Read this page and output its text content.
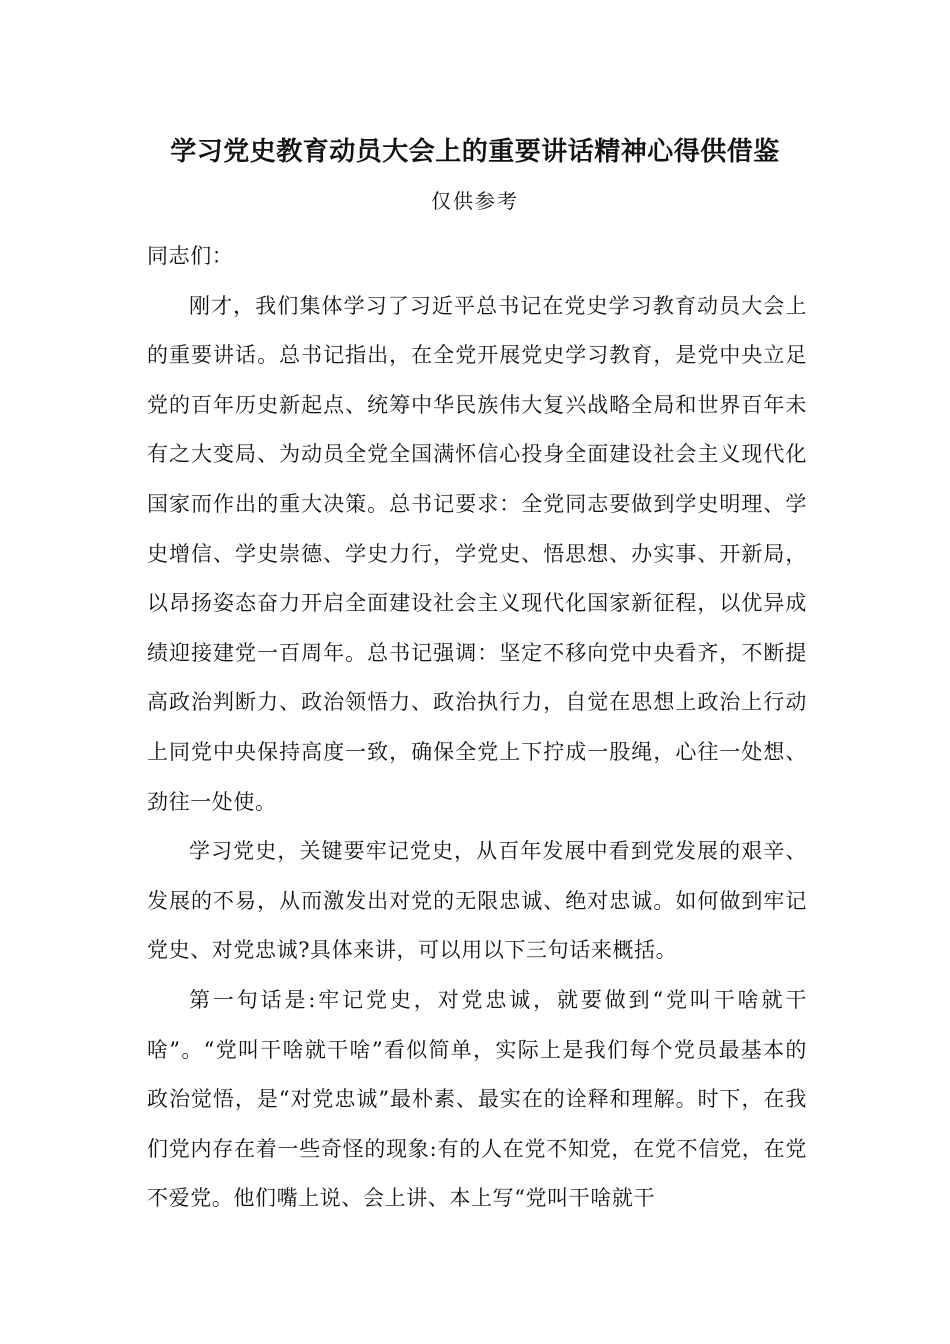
学习党史教育动员大会上的重要讲话精神心得供借鉴
仅供参考

同志们：

刚才，我们集体学习了习近平总书记在党史学习教育动员大会上的重要讲话。总书记指出，在全党开展党史学习教育，是党中央立足党的百年历史新起点、统筹中华民族伟大复兴战略全局和世界百年未有之大变局、为动员全党全国满怀信心投身全面建设社会主义现代化国家而作出的重大决策。总书记要求：全党同志要做到学史明理、学史增信、学史崇德、学史力行，学党史、悟思想、办实事、开新局，以昂扬姿态奋力开启全面建设社会主义现代化国家新征程，以优异成绩迎接建党一百周年。总书记强调：坚定不移向党中央看齐，不断提高政治判断力、政治领悟力、政治执行力，自觉在思想上政治上行动上同党中央保持高度一致，确保全党上下拧成一股绳，心往一处想、劲往一处使。

学习党史，关键要牢记党史，从百年发展中看到党发展的艰辛、发展的不易，从而激发出对党的无限忠诚、绝对忠诚。如何做到牢记党史、对党忠诚?具体来讲，可以用以下三句话来概括。

第一句话是:牢记党史，对党忠诚，就要做到“党叫干啥就干啥”。“党叫干啥就干啥”看似简单，实际上是我们每个党员最基本的政治觉悟，是“对党忠诚”最朴素、最实在的诠释和理解。时下，在我们党内存在着一些奇怪的现象:有的人在党不知党，在党不信党，在党不爱党。他们嘴上说、会上讲、本上写“党叫干啥就干
